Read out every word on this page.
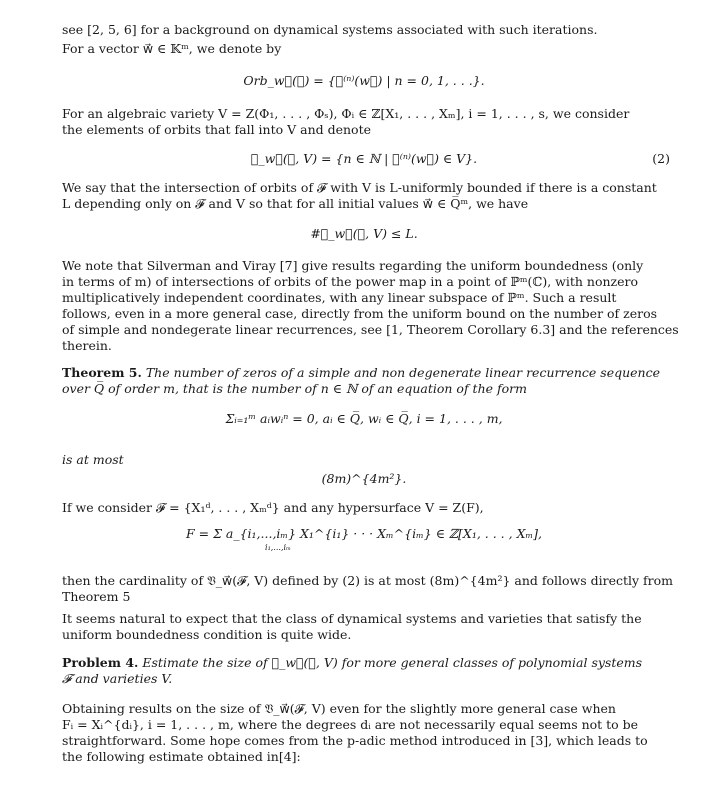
see [2, 5, 6] for a background on dynamical systems associated with such iterations.
For a vector w⃗ ∈ 𝕂ᵐ, we denote by
Orb_w⃗(𝓕) = {𝓕⁽ⁿ⁾(w⃗) | n = 0, 1, . . .}.
For an algebraic variety V = Z(Φ₁, . . . , Φₛ), Φᵢ ∈ ℤ[X₁, . . . , Xₘ], i = 1, . . . , s, we consider
the elements of orbits that fall into V and denote
𝔙_w⃗(𝓕, V) = {n ∈ ℕ | 𝓕⁽ⁿ⁾(w⃗) ∈ V}.	(2)
We say that the intersection of orbits of 𝓕 with V is L-uniformly bounded if there is a constant
L depending only on 𝓕 and V so that for all initial values w⃗ ∈ Q̅ᵐ, we have
#𝔙_w⃗(𝓕, V) ≤ L.
We note that Silverman and Viray [7] give results regarding the uniform boundedness (only
in terms of m) of intersections of orbits of the power map in a point of ℙᵐ(ℂ), with nonzero
multiplicatively independent coordinates, with any linear subspace of ℙᵐ. Such a result
follows, even in a more general case, directly from the uniform bound on the number of zeros
of simple and nondegerate linear recurrences, see [1, Theorem Corollary 6.3] and the references
therein.
Theorem 5. The number of zeros of a simple and non degenerate linear recurrence sequence
over Q̅ of order m, that is the number of n ∈ ℕ of an equation of the form
Σᵢ₌₁ᵐ aᵢwᵢⁿ = 0, aᵢ ∈ Q̅, wᵢ ∈ Q̅, i = 1, . . . , m,
is at most
(8m)^{4m²}.
If we consider 𝓕 = {X₁ᵈ, . . . , Xₘᵈ} and any hypersurface V = Z(F),
F = Σ a_{i₁,...,iₘ} X₁^{i₁} · · · Xₘ^{iₘ} ∈ ℤ[X₁, . . . , Xₘ],
i₁,...,iₘ
then the cardinality of 𝔙_w⃗(𝓕, V) defined by (2) is at most (8m)^{4m²} and follows directly from
Theorem 5
It seems natural to expect that the class of dynamical systems and varieties that satisfy the
uniform boundedness condition is quite wide.
Problem 4. Estimate the size of 𝔙_w⃗(𝓕, V) for more general classes of polynomial systems
𝓕 and varieties V.
Obtaining results on the size of 𝔙_w⃗(𝓕, V) even for the slightly more general case when
Fᵢ = Xᵢ^{dᵢ}, i = 1, . . . , m, where the degrees dᵢ are not necessarily equal seems not to be
straightforward. Some hope comes from the p-adic method introduced in [3], which leads to
the following estimate obtained in[4]:
